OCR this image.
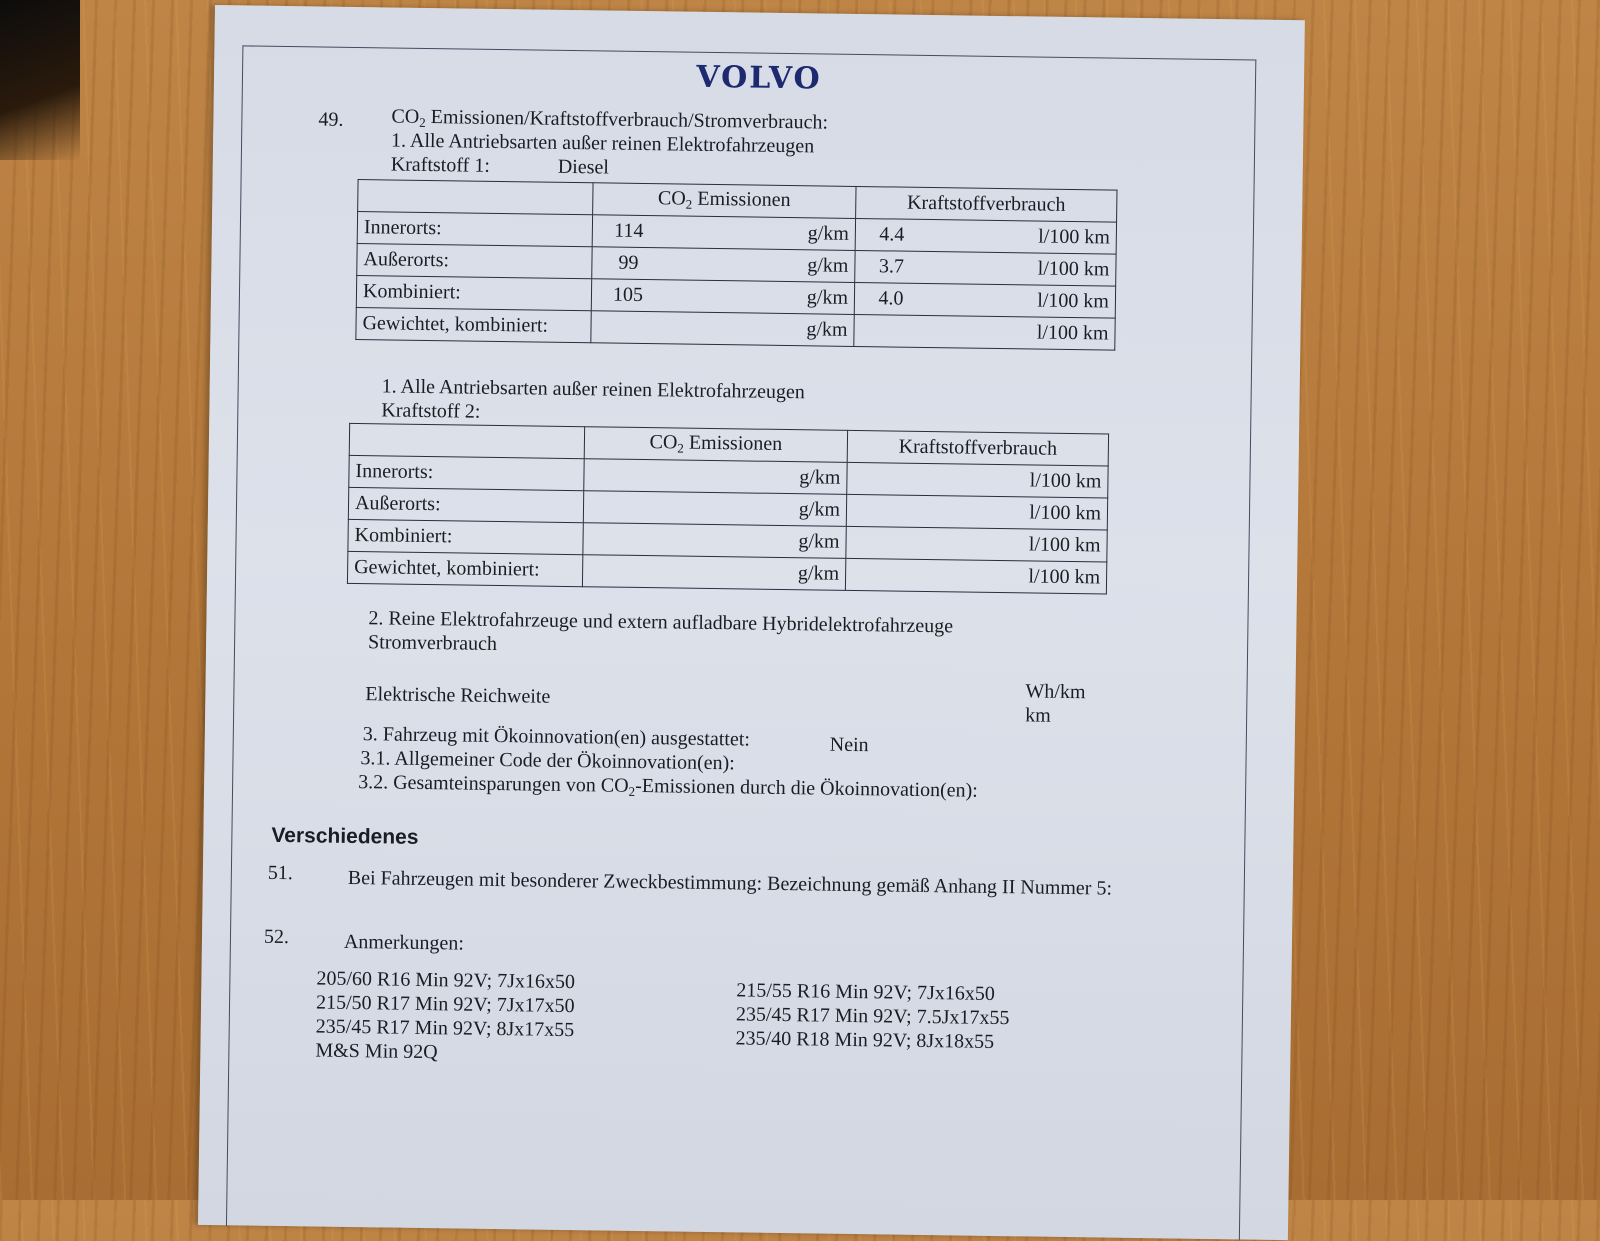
VOLVO
49. $CO_2$ Emissionen/Kraftstoffverbrauch/Stromverbrauch:
1. Alle Antriebsarten außer reinen Elektrofahrzeugen
Kraftstoff 1:	Diesel
	$CO_2$ Emissionen	Kraftstoffverbrauch
Innerorts:	114 g/km	4.4 l/100 km

Außerorts:	99 g/km	3.7 l/100 km

Kombiniert:	105 g/km	4.0 l/100 km

Gewichtet, kombiniert:	g/km	l/100 km
1. Alle Antriebsarten außer reinen Elektrofahrzeugen
Kraftstoff 2:
	$CO_2$ Emissionen	Kraftstoffverbrauch
Innerorts:	g/km	l/100 km
Außerorts:	g/km	l/100 km
Kombiniert:	g/km	l/100 km
Gewichtet, kombiniert:	g/km	l/100 km
2. Reine Elektrofahrzeuge und extern aufladbare Hybridelektrofahrzeuge
Stromverbrauch
Wh/km
Elektrische Reichweite
km
3. Fahrzeug mit Ökoinnovation(en) ausgestattet:	Nein
3.1. Allgemeiner Code der Ökoinnovation(en):
3.2. Gesamteinsparungen von $CO_2$-Emissionen durch die Ökoinnovation(en):
Verschiedenes
51.	Bei Fahrzeugen mit besonderer Zweckbestimmung: Bezeichnung gemäß Anhang II Nummer 5:
52.	Anmerkungen:
205/60 R16 Min 92V; 7Jx16x50
215/50 R17 Min 92V; 7Jx17x50
235/45 R17 Min 92V; 8Jx17x55
M&S Min 92Q
215/55 R16 Min 92V; 7Jx16x50
235/45 R17 Min 92V; 7.5Jx17x55
235/40 R18 Min 92V; 8Jx18x55
